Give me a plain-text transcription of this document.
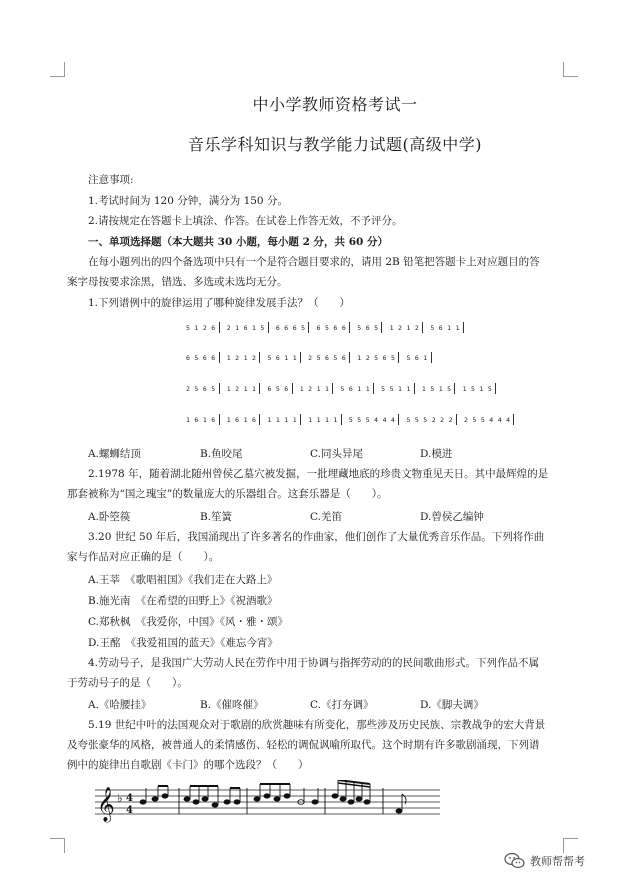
中小学教师资格考试一
音乐学科知识与教学能力试题(高级中学)
注意事项:
1.考试时间为 120 分钟，满分为 150 分。
2.请按规定在答题卡上填涂、作答。在试卷上作答无效，不予评分。
一、单项选择题（本大题共 30 小题，每小题 2 分，共 60 分）
在每小题列出的四个备选项中只有一个是符合题目要求的，请用 2B 铅笔把答题卡上对应题目的答
案字母按要求涂黑，错选、多选或未选均无分。
1.下列谱例中的旋律运用了哪种旋律发展手法？（　　）
5 1 2 6 2 1 6 1 5 6 6 6 5 6 5 6 6 5 6 5 1 2 1 2 5 6 1 1
6 5 6 6 1 2 1 2 5 6 1 1 2 5 6 5 6 1 2 5 6 5 5 6 1
2 5 6 5 1 2 1 1 6 5 6 1 2 1 1 5 6 1 1 5 5 1 1 1 5 1 5 1 5 1 5
1 6 1 6 1 6 1 6 1 1 1 1 1 1 1 1 5 5 5 4 4 4 5 5 5 2 2 2 2 5 5 4 4 4
A.螺蛳结顶	B.鱼咬尾	C.同头异尾	D.模进
2.1978 年，随着湖北随州曾侯乙墓穴被发掘，一批埋藏地底的珍贵文物重见天日。其中最辉煌的是
那套被称为“国之瑰宝”的数量庞大的乐器组合。这套乐器是（　　）。
A.卧箜篌	B.笙簧	C.羌笛	D.曾侯乙编钟
3.20 世纪 50 年后，我国涌现出了许多著名的作曲家，他们创作了大量优秀音乐作品。下列将作曲
家与作品对应正确的是（　　）。
A.王莘　《歌唱祖国》《我们走在大路上》
B.施光南　《在希望的田野上》《祝酒歌》
C.郑秋枫　《我爱你，中国》《风・雅・颂》
D.王酩　《我爱祖国的蓝天》《难忘今宵》
4.劳动号子，是我国广大劳动人民在劳作中用于协调与指挥劳动的的民间歌曲形式。下列作品不属
于劳动号子的是（　　）。
A.《哈腰挂》	B.《催咚催》	C.《打夯调》	D.《脚夫调》
5.19 世纪中叶的法国观众对于歌剧的欣赏趣味有所变化，那些涉及历史民族、宗教战争的宏大背景
及夸张豪华的风格，被普通人的柔情感伤、轻松的调侃讽喻所取代。这个时期有许多歌剧涌现，下列谱
例中的旋律出自歌剧《卡门》的哪个选段？（　　）
𝄞 ♭ 4
4
教师帮帮考
